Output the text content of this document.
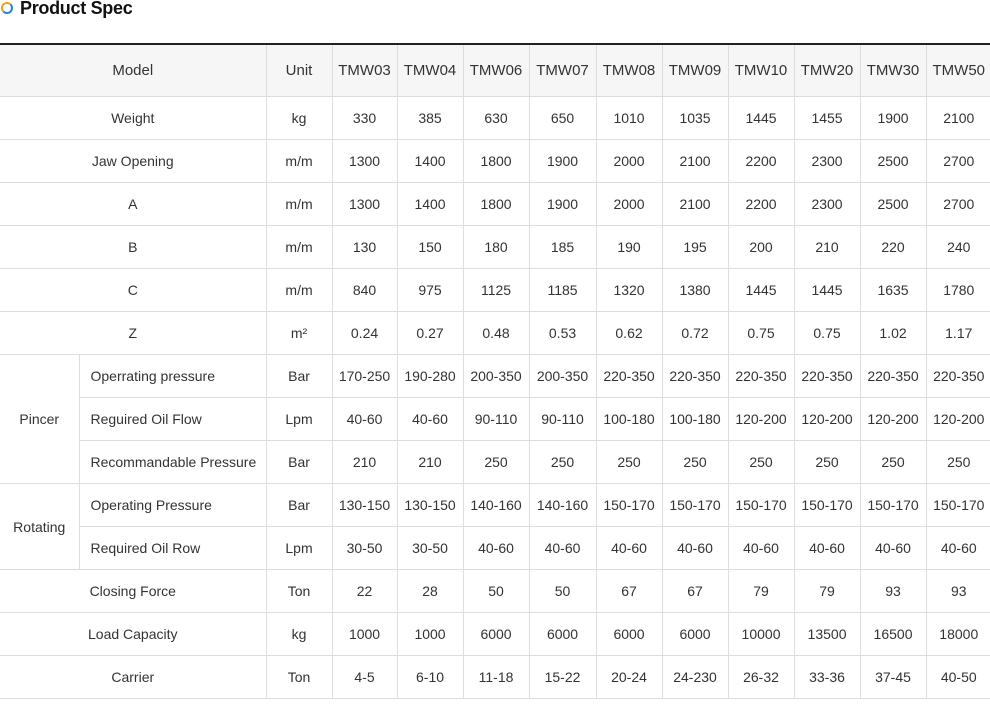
Product Spec
Model		Unit	TMW03	TMW04	TMW06	TMW07	TMW08	TMW09	TMW10	TMW20	TMW30	TMW50
Weight		kg	330	385	630	650	1010	1035	1445	1455	1900	2100
Jaw Opening		m/m	1300	1400	1800	1900	2000	2100	2200	2300	2500	2700
A		m/m	1300	1400	1800	1900	2000	2100	2200	2300	2500	2700
B		m/m	130	150	180	185	190	195	200	210	220	240
C		m/m	840	975	1125	1185	1320	1380	1445	1445	1635	1780
Z		m²	0.24	0.27	0.48	0.53	0.62	0.72	0.75	0.75	1.02	1.17
Pincer	Operrating pressure	Bar	170-250	190-280	200-350	200-350	220-350	220-350	220-350	220-350	220-350	220-350
	Reguired Oil Flow	Lpm	40-60	40-60	90-110	90-110	100-180	100-180	120-200	120-200	120-200	120-200
	Recommandable Pressure	Bar	210	210	250	250	250	250	250	250	250	250
Rotating	Operating Pressure	Bar	130-150	130-150	140-160	140-160	150-170	150-170	150-170	150-170	150-170	150-170
	Required Oil Row	Lpm	30-50	30-50	40-60	40-60	40-60	40-60	40-60	40-60	40-60	40-60
Closing Force		Ton	22	28	50	50	67	67	79	79	93	93
Load Capacity		kg	1000	1000	6000	6000	6000	6000	10000	13500	16500	18000
Carrier		Ton	4-5	6-10	11-18	15-22	20-24	24-230	26-32	33-36	37-45	40-50
